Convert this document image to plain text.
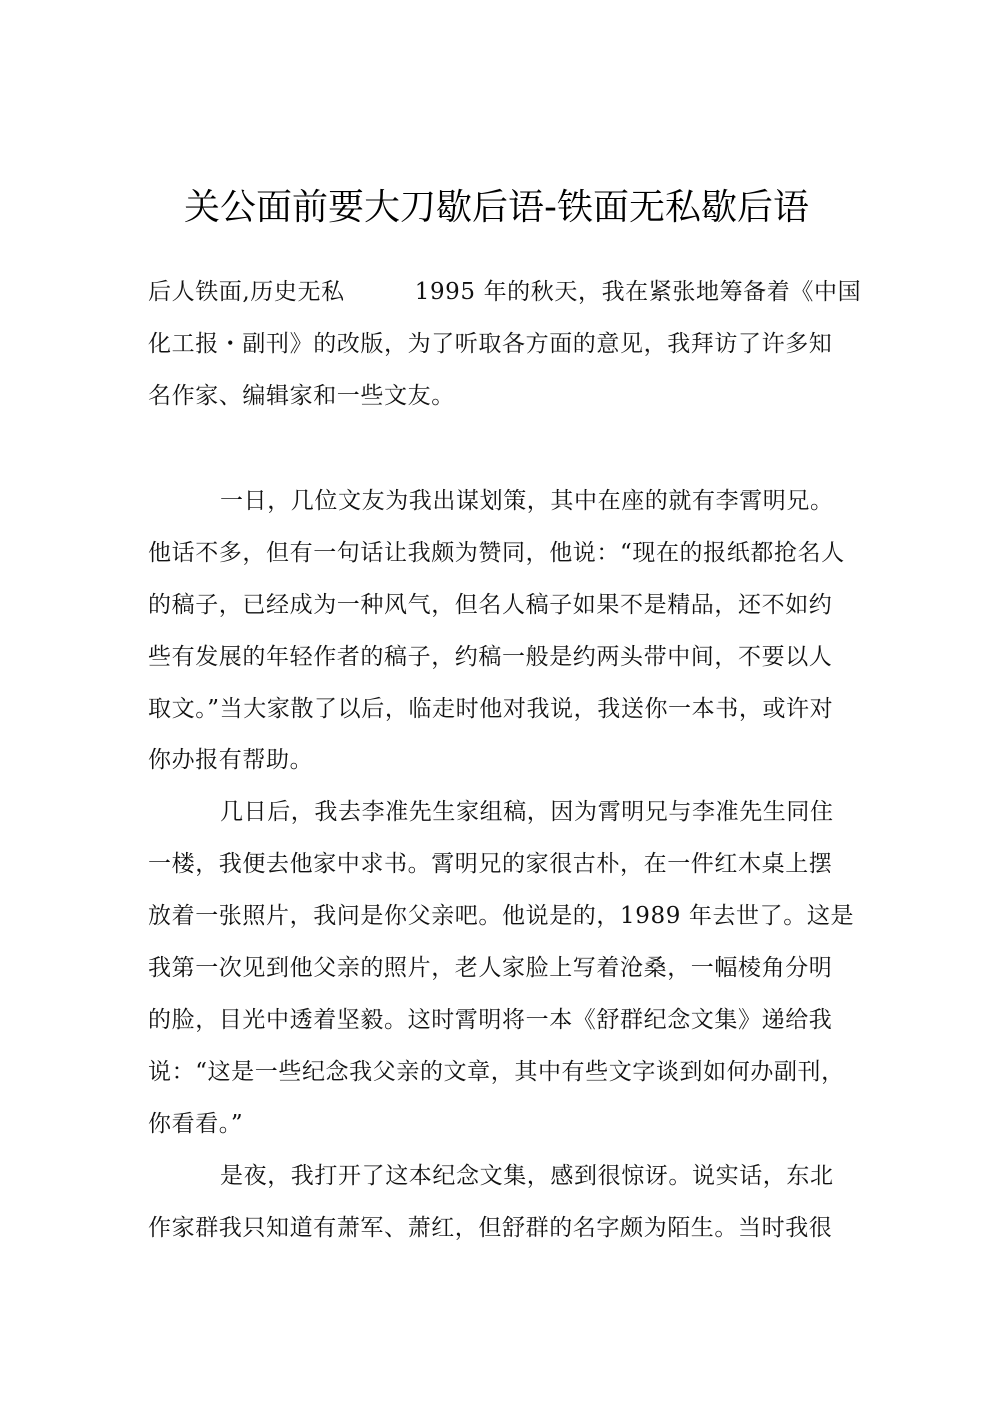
关公面前要大刀歇后语-铁面无私歇后语
后人铁面,历史无私	1995 年的秋天，我在紧张地筹备着《中国
化工报・副刊》的改版，为了听取各方面的意见，我拜访了许多知
名作家、编辑家和一些文友。
一日，几位文友为我出谋划策，其中在座的就有李霄明兄。
他话不多，但有一句话让我颇为赞同，他说：“现在的报纸都抢名人
的稿子，已经成为一种风气，但名人稿子如果不是精品，还不如约
些有发展的年轻作者的稿子，约稿一般是约两头带中间，不要以人
取文。”当大家散了以后，临走时他对我说，我送你一本书，或许对
你办报有帮助。
几日后，我去李准先生家组稿，因为霄明兄与李准先生同住
一楼，我便去他家中求书。霄明兄的家很古朴，在一件红木桌上摆
放着一张照片，我问是你父亲吧。他说是的，1989 年去世了。这是
我第一次见到他父亲的照片，老人家脸上写着沧桑，一幅棱角分明
的脸，目光中透着坚毅。这时霄明将一本《舒群纪念文集》递给我
说：“这是一些纪念我父亲的文章，其中有些文字谈到如何办副刊，
你看看。”
是夜，我打开了这本纪念文集，感到很惊讶。说实话，东北
作家群我只知道有萧军、萧红，但舒群的名字颇为陌生。当时我很
